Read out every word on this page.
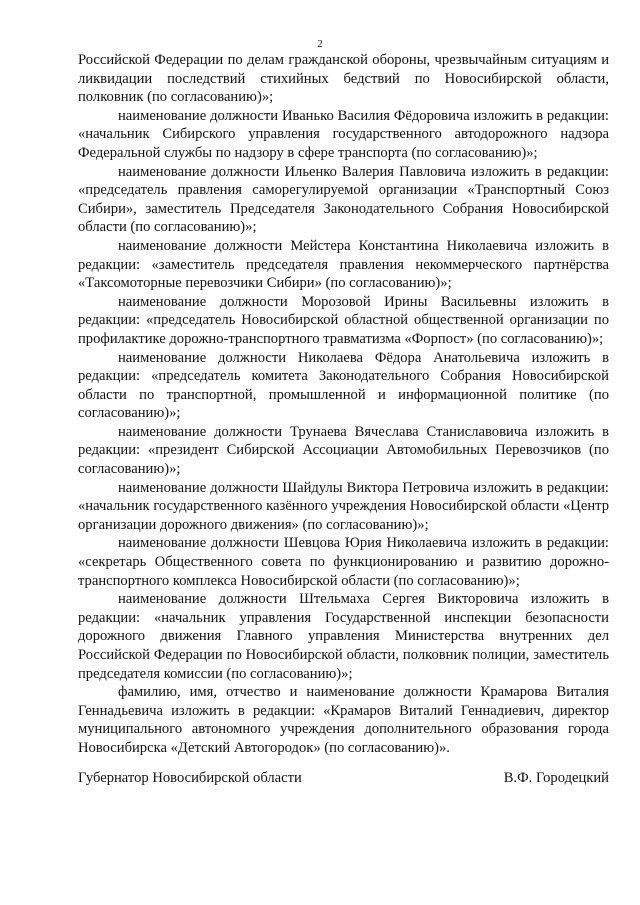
2

Российской Федерации по делам гражданской обороны, чрезвычайным ситуациям и ликвидации последствий стихийных бедствий по Новосибирской области, полковник (по согласованию)»;

наименование должности Иванько Василия Фёдоровича изложить в редакции: «начальник Сибирского управления государственного автодорожного надзора Федеральной службы по надзору в сфере транспорта (по согласованию)»;

наименование должности Ильенко Валерия Павловича изложить в редакции: «председатель правления саморегулируемой организации «Транспортный Союз Сибири», заместитель Председателя Законодательного Собрания Новосибирской области (по согласованию)»;

наименование должности Мейстера Константина Николаевича изложить в редакции: «заместитель председателя правления некоммерческого партнёрства «Таксомоторные перевозчики Сибири» (по согласованию)»;

наименование должности Морозовой Ирины Васильевны изложить в редакции: «председатель Новосибирской областной общественной организации по профилактике дорожно-транспортного травматизма «Форпост» (по согласованию)»;

наименование должности Николаева Фёдора Анатольевича изложить в редакции: «председатель комитета Законодательного Собрания Новосибирской области по транспортной, промышленной и информационной политике (по согласованию)»;

наименование должности Трунаева Вячеслава Станиславовича изложить в редакции: «президент Сибирской Ассоциации Автомобильных Перевозчиков (по согласованию)»;

наименование должности Шайдулы Виктора Петровича изложить в редакции: «начальник государственного казённого учреждения Новосибирской области «Центр организации дорожного движения» (по согласованию)»;

наименование должности Шевцова Юрия Николаевича изложить в редакции: «секретарь Общественного совета по функционированию и развитию дорожно-транспортного комплекса Новосибирской области (по согласованию)»;

наименование должности Штельмаха Сергея Викторовича изложить в редакции: «начальник управления Государственной инспекции безопасности дорожного движения Главного управления Министерства внутренних дел Российской Федерации по Новосибирской области, полковник полиции, заместитель председателя комиссии (по согласованию)»;

фамилию, имя, отчество и наименование должности Крамарова Виталия Геннадьевича изложить в редакции: «Крамаров Виталий Геннадиевич, директор муниципального автономного учреждения дополнительного образования города Новосибирска «Детский Автогородок» (по согласованию)».

Губернатор Новосибирской области	В.Ф. Городецкий
